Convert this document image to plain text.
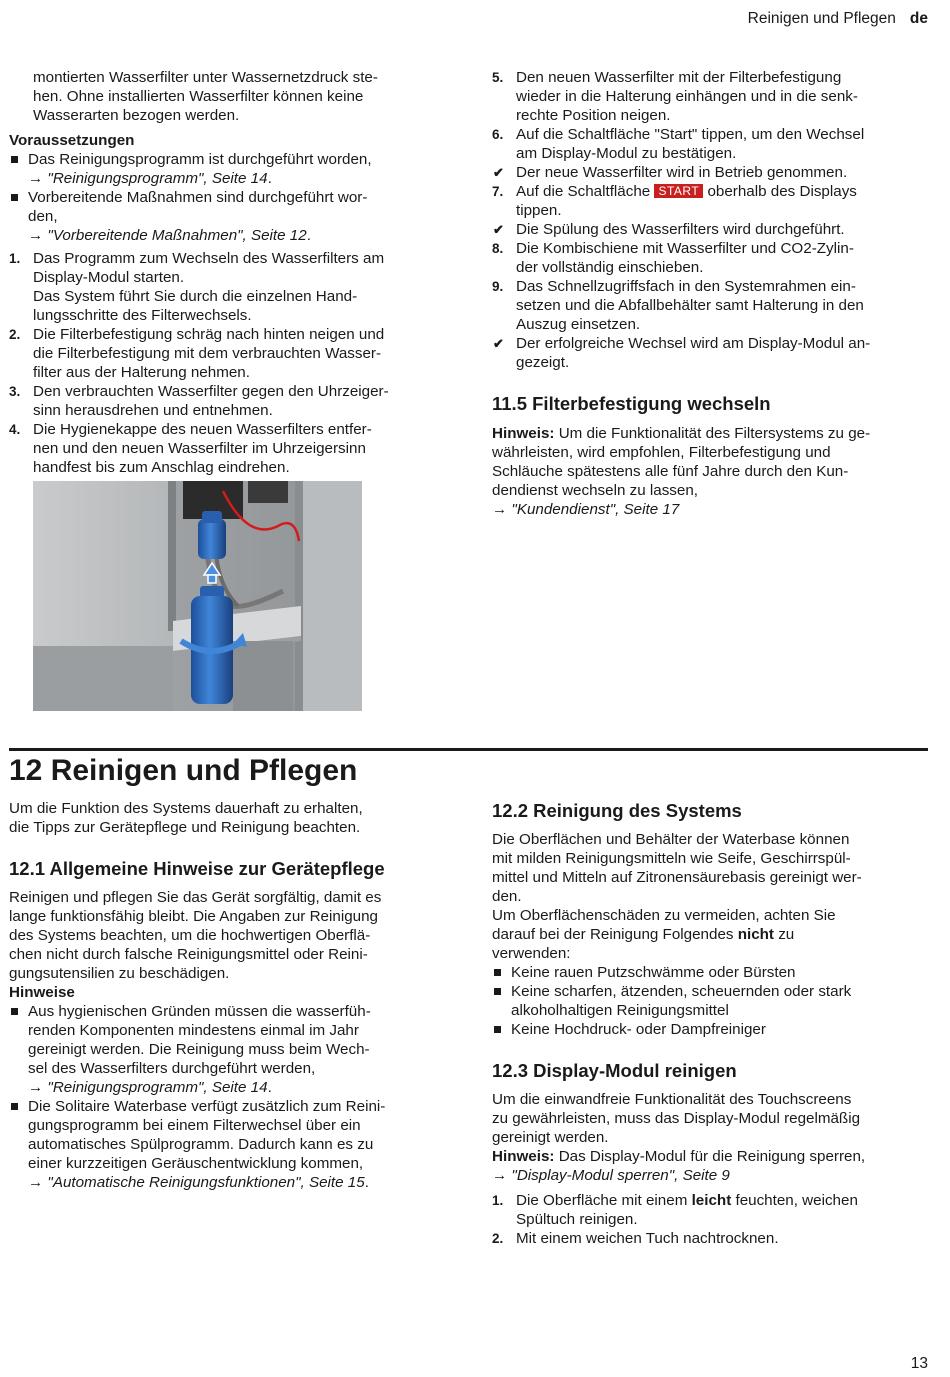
Reinigen und Pflegen de

montierten Wasserfilter unter Wassernetzdruck ste-

hen. Ohne installierten Wasserfilter können keine

Wasserarten bezogen werden.

Voraussetzungen

Das Reinigungsprogramm ist durchgeführt worden,
→ "Reinigungsprogramm", Seite 14.
Vorbereitende Maßnahmen sind durchgeführt wor-
den,
→ "Vorbereitende Maßnahmen", Seite 12.
1. Das Programm zum Wechseln des Wasserfilters am
Display-Modul starten.
Das System führt Sie durch die einzelnen Hand-
lungsschritte des Filterwechsels.
2. Die Filterbefestigung schräg nach hinten neigen und
die Filterbefestigung mit dem verbrauchten Wasser-
filter aus der Halterung nehmen.
3. Den verbrauchten Wasserfilter gegen den Uhrzeiger-
sinn herausdrehen und entnehmen.
4. Die Hygienekappe des neuen Wasserfilters entfer-
nen und den neuen Wasserfilter im Uhrzeigersinn
handfest bis zum Anschlag eindrehen.
5. Den neuen Wasserfilter mit der Filterbefestigung
wieder in die Halterung einhängen und in die senk-
rechte Position neigen.
6. Auf die Schaltfläche "Start" tippen, um den Wechsel
am Display-Modul zu bestätigen.
✔ Der neue Wasserfilter wird in Betrieb genommen.
7. Auf die Schaltfläche START oberhalb des Displays
tippen.
✔ Die Spülung des Wasserfilters wird durchgeführt.
8. Die Kombischiene mit Wasserfilter und CO2-Zylin-
der vollständig einschieben.
9. Das Schnellzugriffsfach in den Systemrahmen ein-
setzen und die Abfallbehälter samt Halterung in den
Auszug einsetzen.
✔ Der erfolgreiche Wechsel wird am Display-Modul an-
gezeigt.

11.5 Filterbefestigung wechseln

Hinweis: Um die Funktionalität des Filtersystems zu ge-
währleisten, wird empfohlen, Filterbefestigung und
Schläuche spätestens alle fünf Jahre durch den Kun-
dendienst wechseln zu lassen,
→ "Kundendienst", Seite 17
12 Reinigen und Pflegen

Um die Funktion des Systems dauerhaft zu erhalten,

die Tipps zur Gerätepflege und Reinigung beachten.

12.1 Allgemeine Hinweise zur Gerätepflege

Reinigen und pflegen Sie das Gerät sorgfältig, damit es

lange funktionsfähig bleibt. Die Angaben zur Reinigung

des Systems beachten, um die hochwertigen Oberflä-

chen nicht durch falsche Reinigungsmittel oder Reini-

gungsutensilien zu beschädigen.

Hinweise

Aus hygienischen Gründen müssen die wasserfüh-
renden Komponenten mindestens einmal im Jahr
gereinigt werden. Die Reinigung muss beim Wech-
sel des Wasserfilters durchgeführt werden,
→ "Reinigungsprogramm", Seite 14.
Die Solitaire Waterbase verfügt zusätzlich zum Reini-
gungsprogramm bei einem Filterwechsel über ein
automatisches Spülprogramm. Dadurch kann es zu
einer kurzzeitigen Geräuschentwicklung kommen,
→ "Automatische Reinigungsfunktionen", Seite 15.

12.2 Reinigung des Systems

Die Oberflächen und Behälter der Waterbase können

mit milden Reinigungsmitteln wie Seife, Geschirrspül-

mittel und Mitteln auf Zitronensäurebasis gereinigt wer-

den.

Um Oberflächenschäden zu vermeiden, achten Sie

darauf bei der Reinigung Folgendes nicht zu

verwenden:

Keine rauen Putzschwämme oder Bürsten
Keine scharfen, ätzenden, scheuernden oder stark
alkoholhaltigen Reinigungsmittel
Keine Hochdruck- oder Dampfreiniger

12.3 Display-Modul reinigen

Um die einwandfreie Funktionalität des Touchscreens

zu gewährleisten, muss das Display-Modul regelmäßig

gereinigt werden.

Hinweis: Das Display-Modul für die Reinigung sperren,

→ "Display-Modul sperren", Seite 9

1. Die Oberfläche mit einem leicht feuchten, weichen
Spültuch reinigen.
2. Mit einem weichen Tuch nachtrocknen.
13
